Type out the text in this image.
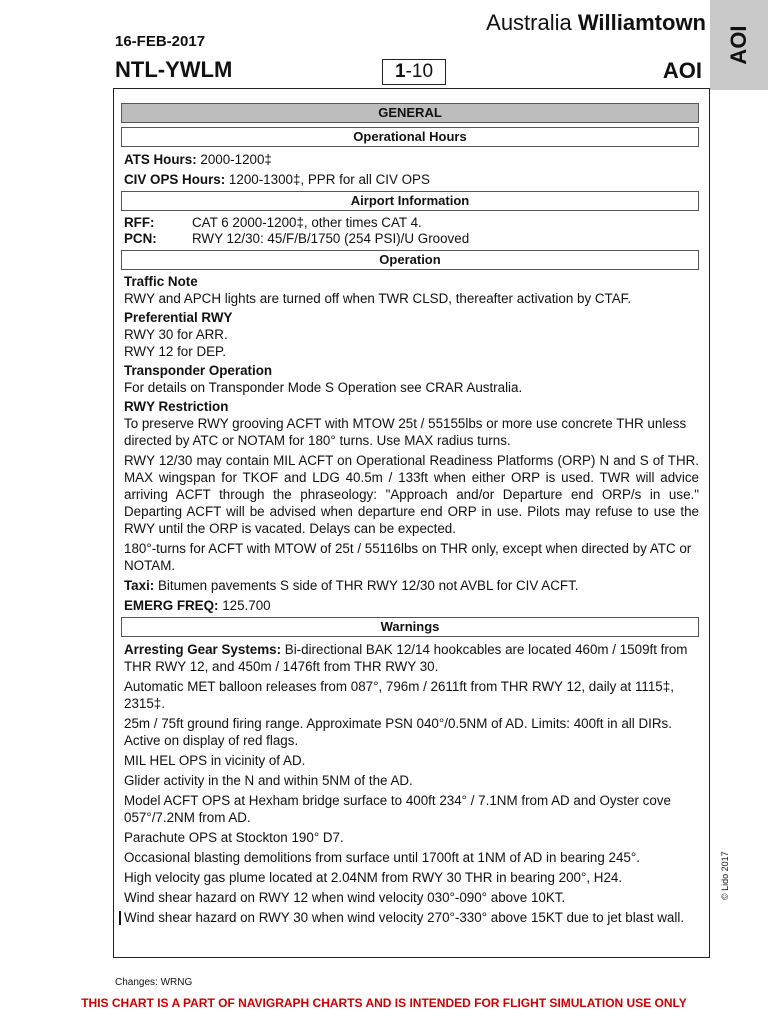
16-FEB-2017
NTL-YWLM
Australia Williamtown
1-10	AOI
AOI
GENERAL
Operational Hours
ATS Hours: 2000-1200‡
CIV OPS Hours: 1200-1300‡, PPR for all CIV OPS
Airport Information
RFF:	CAT 6 2000-1200‡, other times CAT 4.
PCN:	RWY 12/30: 45/F/B/1750 (254 PSI)/U Grooved
Operation
Traffic Note
RWY and APCH lights are turned off when TWR CLSD, thereafter activation by CTAF.
Preferential RWY
RWY 30 for ARR.
RWY 12 for DEP.
Transponder Operation
For details on Transponder Mode S Operation see CRAR Australia.
RWY Restriction
To preserve RWY grooving ACFT with MTOW 25t / 55155lbs or more use concrete THR unless directed by ATC or NOTAM for 180° turns. Use MAX radius turns.
RWY 12/30 may contain MIL ACFT on Operational Readiness Platforms (ORP) N and S of THR. MAX wingspan for TKOF and LDG 40.5m / 133ft when either ORP is used. TWR will advice arriving ACFT through the phraseology: "Approach and/or Departure end ORP/s in use." Departing ACFT will be advised when departure end ORP in use. Pilots may refuse to use the RWY until the ORP is vacated. Delays can be expected.
180°-turns for ACFT with MTOW of 25t / 55116lbs on THR only, except when directed by ATC or NOTAM.
Taxi: Bitumen pavements S side of THR RWY 12/30 not AVBL for CIV ACFT.
EMERG FREQ: 125.700
Warnings
Arresting Gear Systems: Bi-directional BAK 12/14 hookcables are located 460m / 1509ft from THR RWY 12, and 450m / 1476ft from THR RWY 30.
Automatic MET balloon releases from 087°, 796m / 2611ft from THR RWY 12, daily at 1115‡, 2315‡.
25m / 75ft ground firing range. Approximate PSN 040°/0.5NM of AD. Limits: 400ft in all DIRs. Active on display of red flags.
MIL HEL OPS in vicinity of AD.
Glider activity in the N and within 5NM of the AD.
Model ACFT OPS at Hexham bridge surface to 400ft 234° / 7.1NM from AD and Oyster cove 057°/7.2NM from AD.
Parachute OPS at Stockton 190° D7.
Occasional blasting demolitions from surface until 1700ft at 1NM of AD in bearing 245°.
High velocity gas plume located at 2.04NM from RWY 30 THR in bearing 200°, H24.
Wind shear hazard on RWY 12 when wind velocity 030°-090° above 10KT.
Wind shear hazard on RWY 30 when wind velocity 270°-330° above 15KT due to jet blast wall.
© Lido 2017
Changes: WRNG
THIS CHART IS A PART OF NAVIGRAPH CHARTS AND IS INTENDED FOR FLIGHT SIMULATION USE ONLY
